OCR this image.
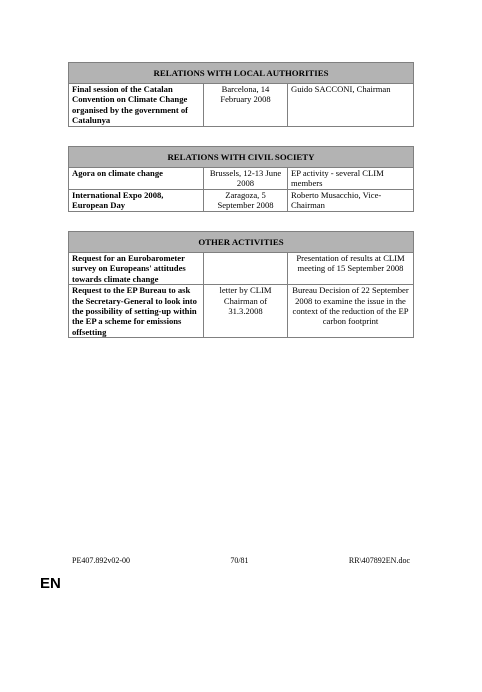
RELATIONS WITH LOCAL AUTHORITIES
Final session of the Catalan Convention on Climate Change organised by the government of Catalunya	Barcelona, 14 February 2008	Guido SACCONI, Chairman
RELATIONS WITH CIVIL SOCIETY		
Agora on climate change	Brussels, 12-13 June 2008	EP activity - several CLIM members
International Expo 2008, European Day	Zaragoza, 5 September 2008	Roberto Musacchio, Vice-Chairman
OTHER ACTIVITIES		
Request for an Eurobarometer survey on Europeans' attitudes towards climate change		Presentation of results at CLIM meeting of 15 September 2008
Request to the EP Bureau to ask the Secretary-General to look into the possibility of setting-up within the EP a scheme for emissions offsetting	letter by CLIM Chairman of 31.3.2008	Bureau Decision of 22 September 2008 to examine the issue in the context of the reduction of the EP carbon footprint
PE407.892v02-00	70/81	RR\407892EN.doc
EN
